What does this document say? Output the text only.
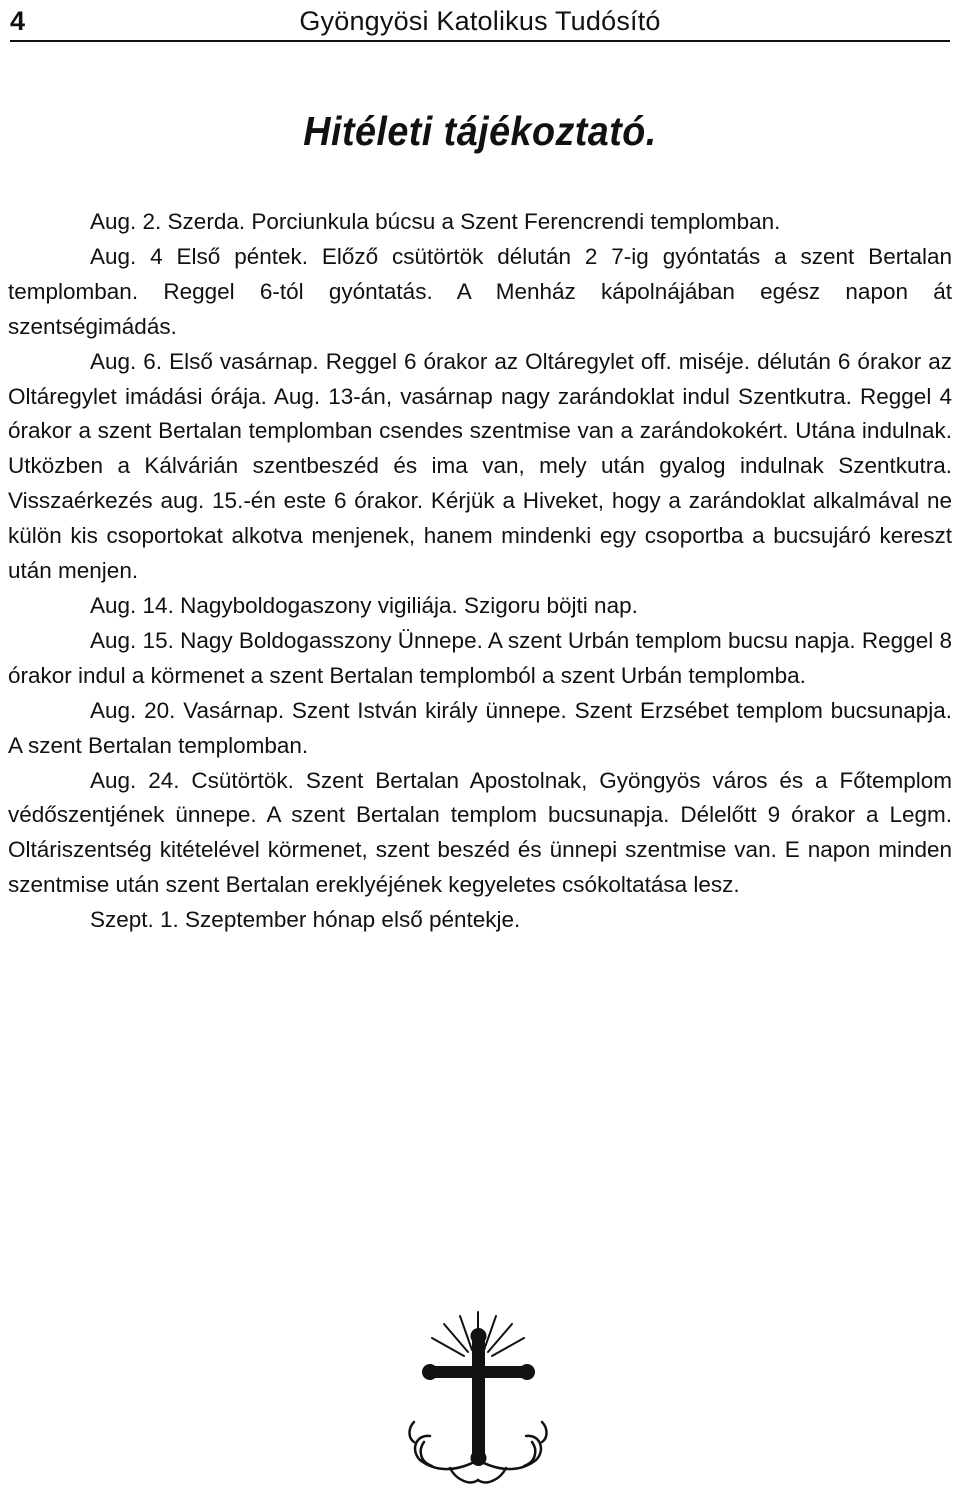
4	Gyöngyösi Katolikus Tudósító
Hitéleti tájékoztató.

Aug. 2. Szerda. Porciunkula búcsu a Szent Ferencrendi templomban.

Aug. 4 Első péntek. Előző csütörtök délután 2 7-ig gyóntatás a szent Bertalan templomban. Reggel 6-tól gyóntatás. A Menház kápolnájában egész napon át szentségimádás.

Aug. 6. Első vasárnap. Reggel 6 órakor az Oltáregylet off. miséje. délután 6 órakor az Oltáregylet imádási órája. Aug. 13-án, vasárnap nagy zarándoklat indul Szentkutra. Reggel 4 órakor a szent Bertalan templomban csendes szentmise van a zarándokokért. Utána indulnak. Utközben a Kálvárián szentbeszéd és ima van, mely után gyalog indulnak Szentkutra. Visszaérkezés aug. 15.-én este 6 órakor. Kérjük a Hiveket, hogy a zarándoklat alkalmával ne külön kis csoportokat alkotva menjenek, hanem mindenki egy csoportba a bucsujáró kereszt után menjen.

Aug. 14. Nagyboldogaszony vigiliája. Szigoru böjti nap.

Aug. 15. Nagy Boldogasszony Ünnepe. A szent Urbán templom bucsu napja. Reggel 8 órakor indul a körmenet a szent Bertalan templomból a szent Urbán templomba.

Aug. 20. Vasárnap. Szent István király ünnepe. Szent Erzsébet templom bucsunapja. A szent Bertalan templomban.

Aug. 24. Csütörtök. Szent Bertalan Apostolnak, Gyöngyös város és a Főtemplom védőszentjének ünnepe. A szent Bertalan templom bucsunapja. Délelőtt 9 órakor a Legm. Oltáriszentség kitételével körmenet, szent beszéd és ünnepi szentmise van. E napon minden szentmise után szent Bertalan ereklyéjének kegyeletes csókoltatása lesz.

Szept. 1. Szeptember hónap első péntekje.
